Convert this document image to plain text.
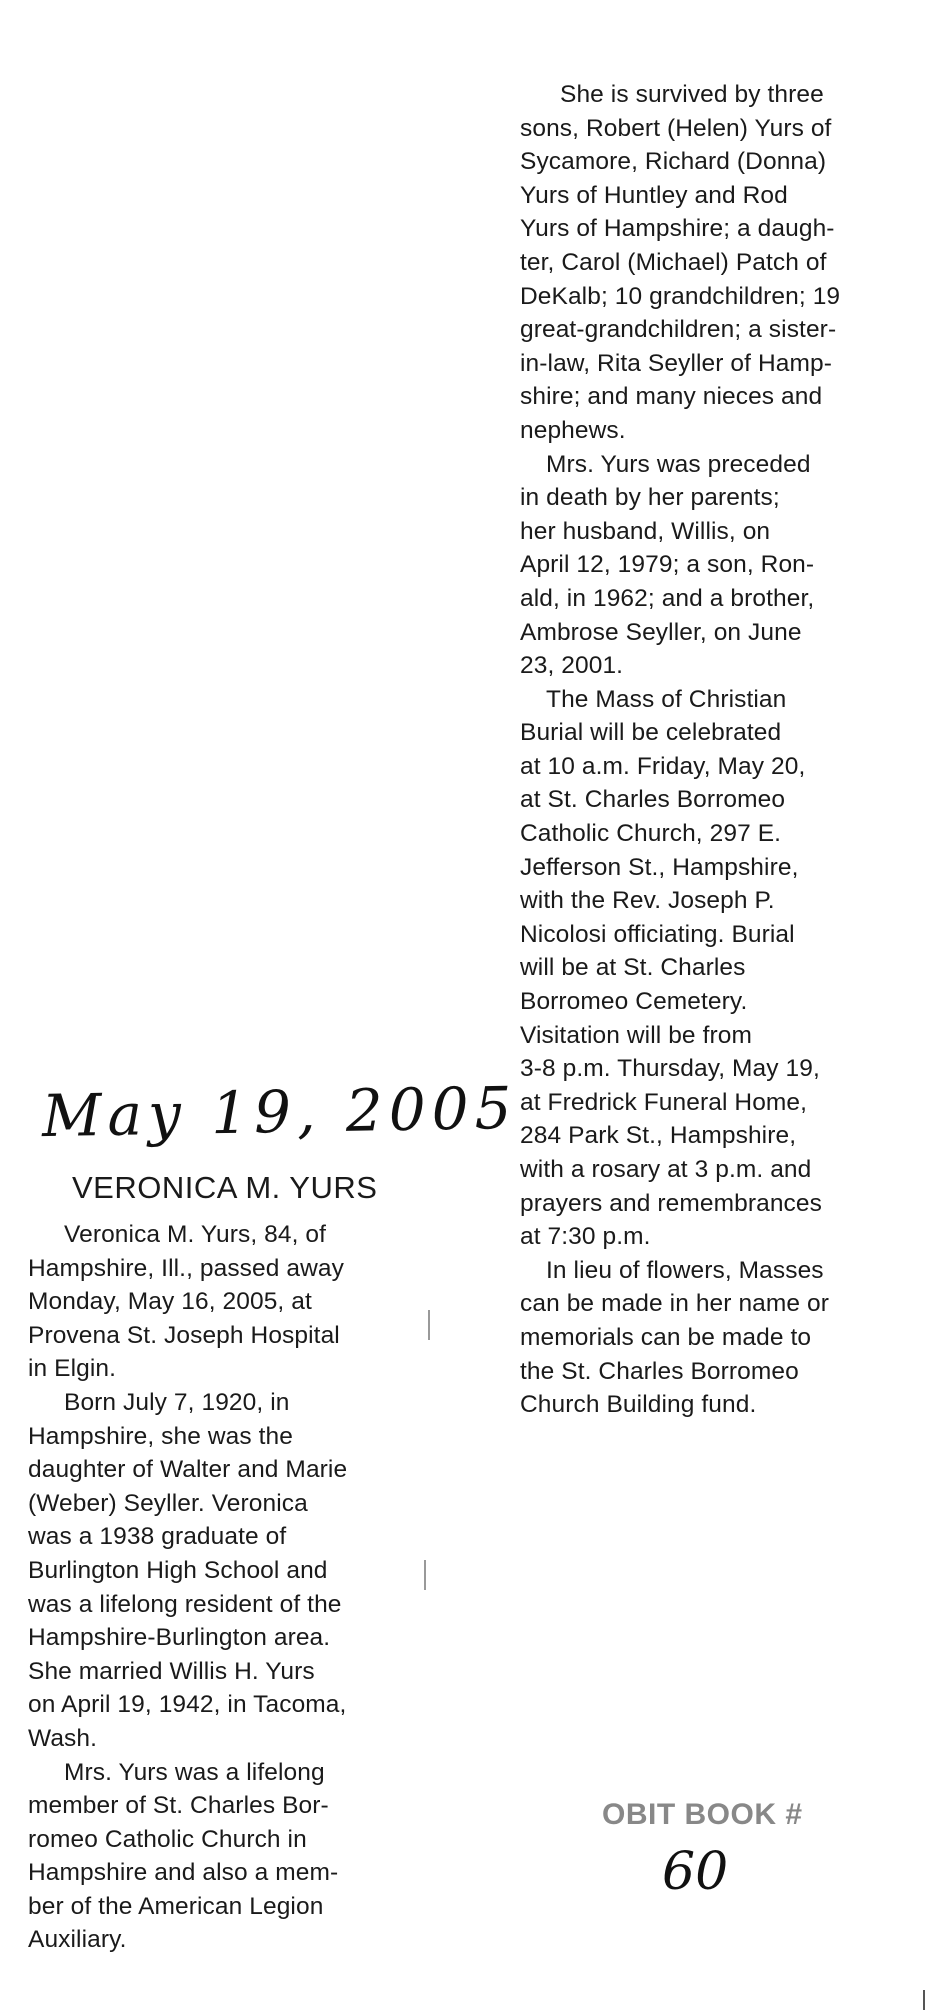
She is survived by three
sons, Robert (Helen) Yurs of
Sycamore, Richard (Donna)
Yurs of Huntley and Rod
Yurs of Hampshire; a daugh-
ter, Carol (Michael) Patch of
DeKalb; 10 grandchildren; 19
great-grandchildren; a sister-
in-law, Rita Seyller of Hamp-
shire; and many nieces and
nephews.

Mrs. Yurs was preceded
in death by her parents;
her husband, Willis, on
April 12, 1979; a son, Ron-
ald, in 1962; and a brother,
Ambrose Seyller, on June
23, 2001.

The Mass of Christian
Burial will be celebrated
at 10 a.m. Friday, May 20,
at St. Charles Borromeo
Catholic Church, 297 E.
Jefferson St., Hampshire,
with the Rev. Joseph P.
Nicolosi officiating. Burial
will be at St. Charles
Borromeo Cemetery.
Visitation will be from
3-8 p.m. Thursday, May 19,
at Fredrick Funeral Home,
284 Park St., Hampshire,
with a rosary at 3 p.m. and
prayers and remembrances
at 7:30 p.m.

In lieu of flowers, Masses
can be made in her name or
memorials can be made to
the St. Charles Borromeo
Church Building fund.

May 19, 2005
VERONICA M. YURS

Veronica M. Yurs, 84, of
Hampshire, Ill., passed away
Monday, May 16, 2005, at
Provena St. Joseph Hospital
in Elgin.

Born July 7, 1920, in
Hampshire, she was the
daughter of Walter and Marie
(Weber) Seyller. Veronica
was a 1938 graduate of
Burlington High School and
was a lifelong resident of the
Hampshire-Burlington area.
She married Willis H. Yurs
on April 19, 1942, in Tacoma,
Wash.

Mrs. Yurs was a lifelong
member of St. Charles Bor-
romeo Catholic Church in
Hampshire and also a mem-
ber of the American Legion
Auxiliary.

OBIT BOOK #
60
